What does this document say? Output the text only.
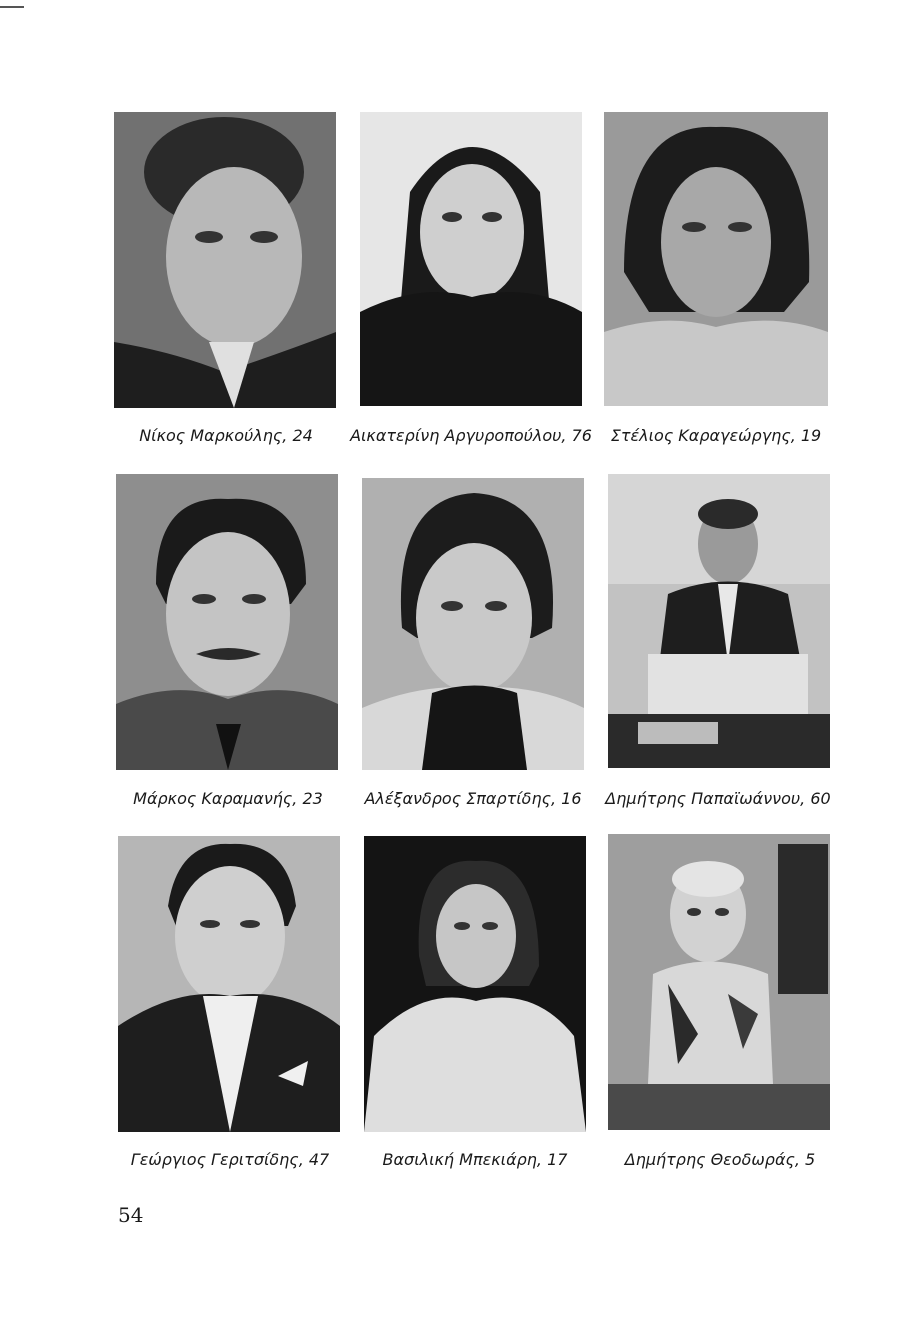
Νίκος Μαρκούλης, 24	Αικατερίνη Αργυροπούλου, 76	Στέλιος Καραγεώργης, 19
Μάρκος Καραμανής, 23	Αλέξανδρος Σπαρτίδης, 16	Δημήτρης Παπαϊωάννου, 60
Γεώργιος Γεριτσίδης, 47	Βασιλική Μπεκιάρη, 17	Δημήτρης Θεοδωράς, 5
54
